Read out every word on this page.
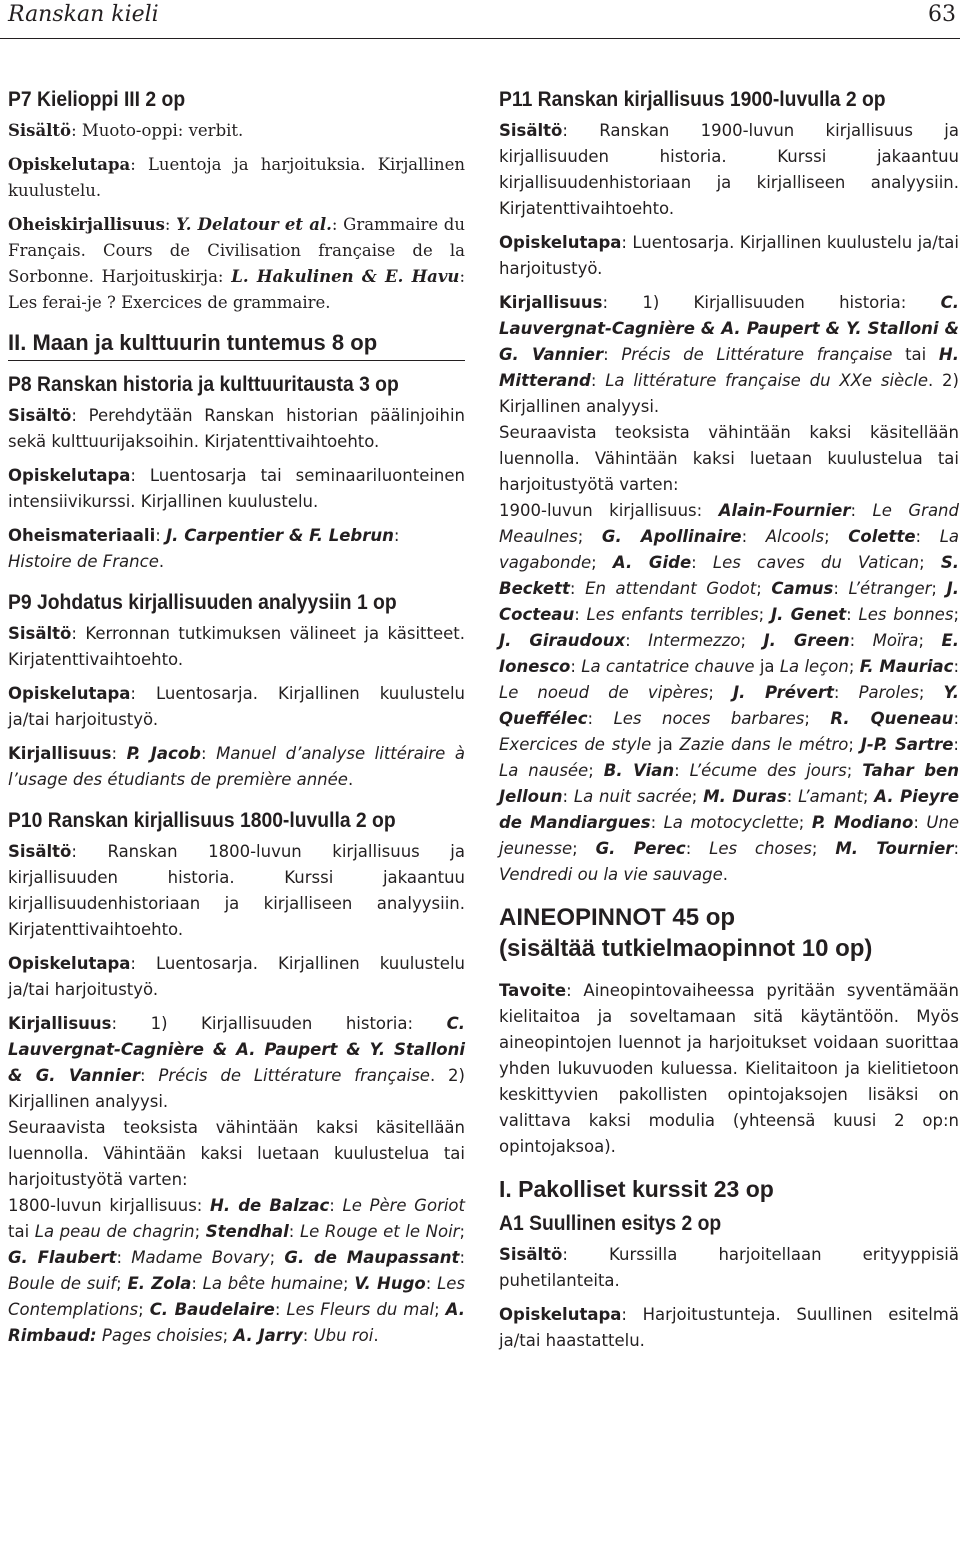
Ranskan kieli	63
P7 Kielioppi III 2 op

Sisältö: Muoto-oppi: verbit.

Opiskelutapa: Luentoja ja harjoituksia. Kirjallinen kuulustelu.

Oheiskirjallisuus: Y. Delatour et al.: Grammaire du Français. Cours de Civilisation française de la Sorbonne. Harjoituskirja: L. Hakulinen & E. Havu: Les ferai-je ? Exercices de grammaire.

II. Maan ja kulttuurin tuntemus 8 op
P8 Ranskan historia ja kulttuuritausta 3 op

Sisältö: Perehdytään Ranskan historian päälinjoihin sekä kulttuurijaksoihin. Kirjatenttivaihtoehto.

Opiskelutapa: Luentosarja tai seminaariluonteinen intensiivikurssi. Kirjallinen kuulustelu.

Oheismateriaali: J. Carpentier & F. Lebrun: Histoire de France.

P9 Johdatus kirjallisuuden analyysiin 1 op

Sisältö: Kerronnan tutkimuksen välineet ja käsitteet. Kirjatenttivaihtoehto.

Opiskelutapa: Luentosarja. Kirjallinen kuulustelu ja/tai harjoitustyö.

Kirjallisuus: P. Jacob: Manuel d’analyse littéraire à l’usage des étudiants de première année.

P10 Ranskan kirjallisuus 1800-luvulla 2 op

Sisältö: Ranskan 1800-luvun kirjallisuus ja kirjallisuuden historia. Kurssi jakaantuu kirjallisuudenhistoriaan ja kirjalliseen analyysiin. Kirjatenttivaihtoehto.

Opiskelutapa: Luentosarja. Kirjallinen kuulustelu ja/tai harjoitustyö.

Kirjallisuus: 1) Kirjallisuuden historia: C. Lauvergnat-Cagnière & A. Paupert & Y. Stalloni & G. Vannier: Précis de Littérature française. 2) Kirjallinen analyysi.
Seuraavista teoksista vähintään kaksi käsitellään luennolla. Vähintään kaksi luetaan kuulustelua tai harjoitustyötä varten:
1800-luvun kirjallisuus: H. de Balzac: Le Père Goriot tai La peau de chagrin; Stendhal: Le Rouge et le Noir; G. Flaubert: Madame Bovary; G. de Maupassant: Boule de suif; E. Zola: La bête humaine; V. Hugo: Les Contemplations; C. Baudelaire: Les Fleurs du mal; A. Rimbaud: Pages choisies; A. Jarry: Ubu roi.

P11 Ranskan kirjallisuus 1900-luvulla 2 op

Sisältö: Ranskan 1900-luvun kirjallisuus ja kirjallisuuden historia. Kurssi jakaantuu kirjallisuudenhistoriaan ja kirjalliseen analyysiin. Kirjatenttivaihtoehto.

Opiskelutapa: Luentosarja. Kirjallinen kuulustelu ja/tai harjoitustyö.

Kirjallisuus: 1) Kirjallisuuden historia: C. Lauvergnat-Cagnière & A. Paupert & Y. Stalloni & G. Vannier: Précis de Littérature française tai H. Mitterand: La littérature française du XXe siècle. 2) Kirjallinen analyysi.
Seuraavista teoksista vähintään kaksi käsitellään luennolla. Vähintään kaksi luetaan kuulustelua tai harjoitustyötä varten:
1900-luvun kirjallisuus: Alain-Fournier: Le Grand Meaulnes; G. Apollinaire: Alcools; Colette: La vagabonde; A. Gide: Les caves du Vatican; S. Beckett: En attendant Godot; Camus: L’étranger; J. Cocteau: Les enfants terribles; J. Genet: Les bonnes; J. Giraudoux: Intermezzo; J. Green: Moïra; E. Ionesco: La cantatrice chauve ja La leçon; F. Mauriac: Le noeud de vipères; J. Prévert: Paroles; Y. Queffélec: Les noces barbares; R. Queneau: Exercices de style ja Zazie dans le métro; J-P. Sartre: La nausée; B. Vian: L’écume des jours; Tahar ben Jelloun: La nuit sacrée; M. Duras: L’amant; A. Pieyre de Mandiargues: La motocyclette; P. Modiano: Une jeunesse; G. Perec: Les choses; M. Tournier: Vendredi ou la vie sauvage.

AINEOPINNOT 45 op
(sisältää tutkielmaopinnot 10 op)

Tavoite: Aineopintovaiheessa pyritään syventämään kielitaitoa ja soveltamaan sitä käytäntöön. Myös aineopintojen luennot ja harjoitukset voidaan suorittaa yhden lukuvuoden kuluessa. Kielitaitoon ja kielitietoon keskittyvien pakollisten opintojaksojen lisäksi on valittava kaksi modulia (yhteensä kuusi 2 op:n opintojaksoa).

I. Pakolliset kurssit 23 op
A1 Suullinen esitys 2 op

Sisältö: Kurssilla harjoitellaan erityyppisiä puhetilanteita.

Opiskelutapa: Harjoitustunteja. Suullinen esitelmä ja/tai haastattelu.
